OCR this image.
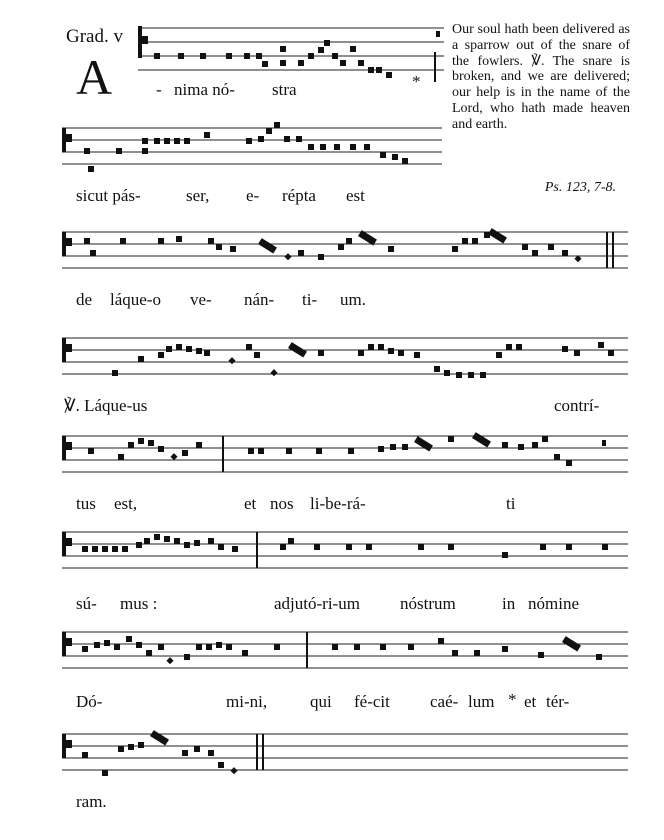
Grad. v
A
Our soul hath been delivered as a sparrow out of the snare of the fowlers. ℣. The snare is broken, and we are delivered; our help is in the name of the Lord, who hath made heaven and earth.
Ps. 123, 7-8.
- nima nó- stra	*
sicut pás-	ser, e- répta est
de láque-o ve- nán- ti- um.
℣. Láque-us	contrí-
tus est,	et nos li-be-rá-	ti
sú- mus :	adjutó-ri-um nóstrum	in nómine
Dó-	mi-ni,	qui fé-cit caé- lum * et tér-
ram.
